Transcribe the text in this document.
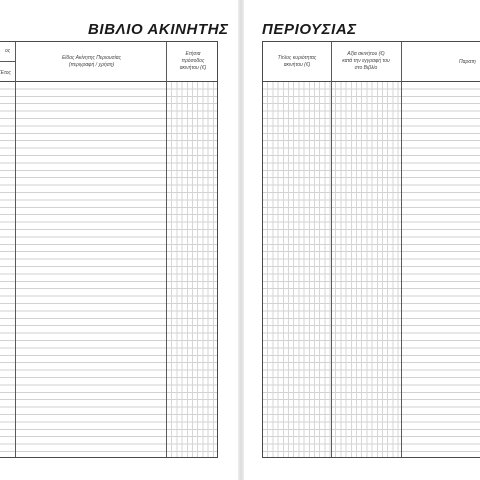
ΒΙΒΛΙΟ ΑΚΙΝΗΤΗΣ
ος
Έτος
Είδος Ακίνητης Περιουσίας
(περιγραφή / χρήση)
Ετήσια
πρόσοδος
ακινήτου (€)
ΠΕΡΙΟΥΣΙΑΣ
Τίτλος κυριότητας
ακινήτου (€)
Αξία ακινήτου (€)
κατά την εγγραφή του
στο Βιβλίο
Παρατη
